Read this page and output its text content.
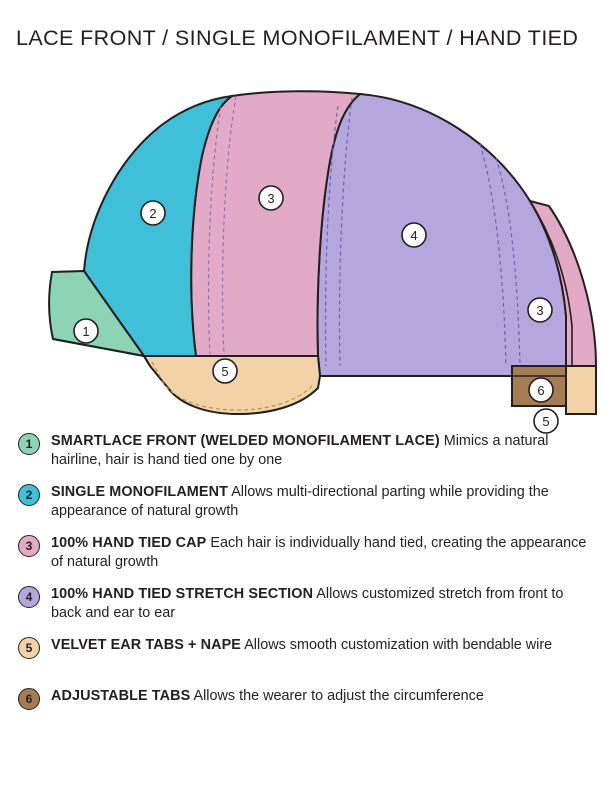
LACE FRONT / SINGLE MONOFILAMENT / HAND TIED
1
2
3
4
3
5
6
5
1 SMARTLACE FRONT (WELDED MONOFILAMENT LACE) Mimics a natural hairline, hair is hand tied one by one
2 SINGLE MONOFILAMENT Allows multi-directional parting while providing the appearance of natural growth
3 100% HAND TIED CAP Each hair is individually hand tied, creating the appearance of natural growth
4 100% HAND TIED STRETCH SECTION Allows customized stretch from front to back and ear to ear
5 VELVET EAR TABS + NAPE Allows smooth customization with bendable wire
6 ADJUSTABLE TABS Allows the wearer to adjust the circumference
